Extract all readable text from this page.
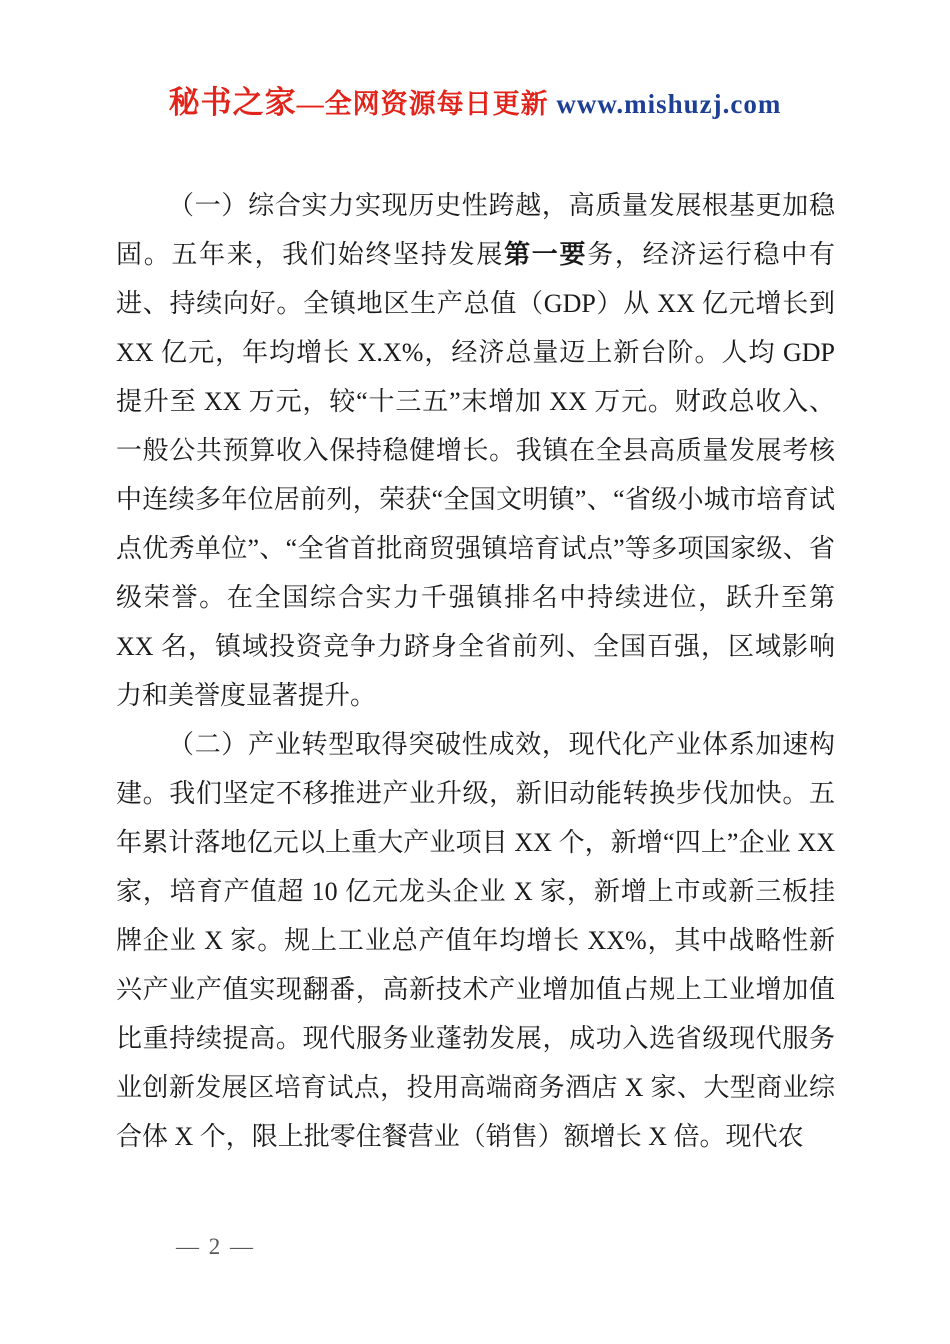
秘书之家—全网资源每日更新 www.mishuzj.com

（一）综合实力实现历史性跨越，高质量发展根基更加稳固。五年来，我们始终坚持发展第一要务，经济运行稳中有进、持续向好。全镇地区生产总值（GDP）从 XX 亿元增长到 XX 亿元，年均增长 X.X%，经济总量迈上新台阶。人均 GDP 提升至 XX 万元，较“十三五”末增加 XX 万元。财政总收入、一般公共预算收入保持稳健增长。我镇在全县高质量发展考核中连续多年位居前列，荣获“全国文明镇”、“省级小城市培育试点优秀单位”、“全省首批商贸强镇培育试点”等多项国家级、省级荣誉。在全国综合实力千强镇排名中持续进位，跃升至第 XX 名，镇域投资竞争力跻身全省前列、全国百强，区域影响力和美誉度显著提升。

（二）产业转型取得突破性成效，现代化产业体系加速构建。我们坚定不移推进产业升级，新旧动能转换步伐加快。五年累计落地亿元以上重大产业项目 XX 个，新增“四上”企业 XX 家，培育产值超 10 亿元龙头企业 X 家，新增上市或新三板挂牌企业 X 家。规上工业总产值年均增长 XX%，其中战略性新兴产业产值实现翻番，高新技术产业增加值占规上工业增加值比重持续提高。现代服务业蓬勃发展，成功入选省级现代服务业创新发展区培育试点，投用高端商务酒店 X 家、大型商业综合体 X 个，限上批零住餐营业（销售）额增长 X 倍。现代农

— 2 —
